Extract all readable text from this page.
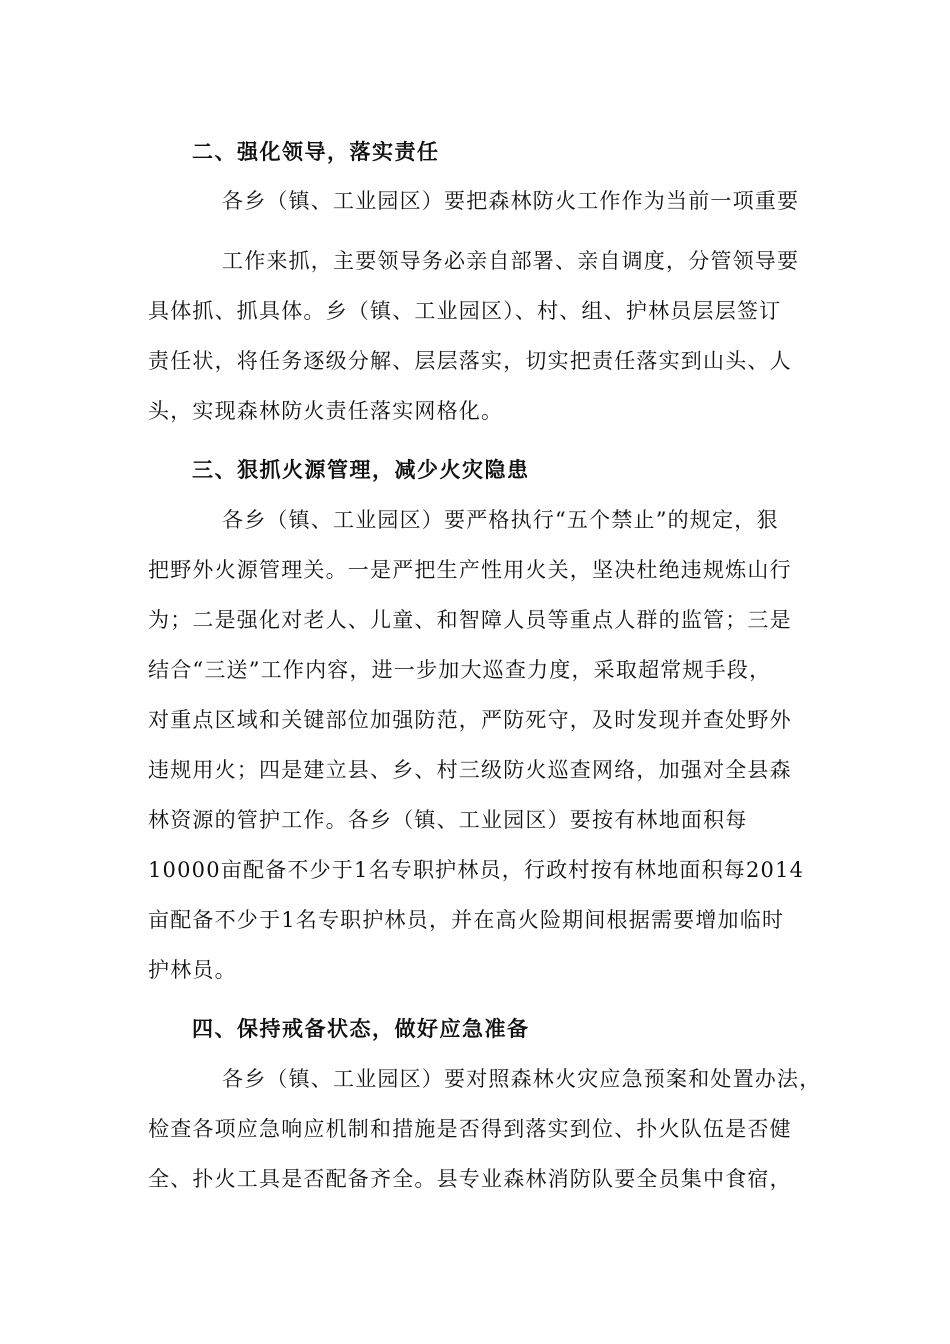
二、强化领导，落实责任
各乡（镇、工业园区）要把森林防火工作作为当前一项重要
工作来抓，主要领导务必亲自部署、亲自调度，分管领导要
具体抓、抓具体。乡（镇、工业园区）、村、组、护林员层层签订
责任状，将任务逐级分解、层层落实，切实把责任落实到山头、人
头，实现森林防火责任落实网格化。
三、狠抓火源管理，减少火灾隐患
各乡（镇、工业园区）要严格执行“五个禁止”的规定，狠
把野外火源管理关。一是严把生产性用火关，坚决杜绝违规炼山行
为；二是强化对老人、儿童、和智障人员等重点人群的监管；三是
结合“三送”工作内容，进一步加大巡查力度，采取超常规手段，
对重点区域和关键部位加强防范，严防死守，及时发现并查处野外
违规用火；四是建立县、乡、村三级防火巡查网络，加强对全县森
林资源的管护工作。各乡（镇、工业园区）要按有林地面积每
10000亩配备不少于1名专职护林员，行政村按有林地面积每2014
亩配备不少于1名专职护林员，并在高火险期间根据需要增加临时
护林员。
四、保持戒备状态，做好应急准备
各乡（镇、工业园区）要对照森林火灾应急预案和处置办法，
检查各项应急响应机制和措施是否得到落实到位、扑火队伍是否健
全、扑火工具是否配备齐全。县专业森林消防队要全员集中食宿，
